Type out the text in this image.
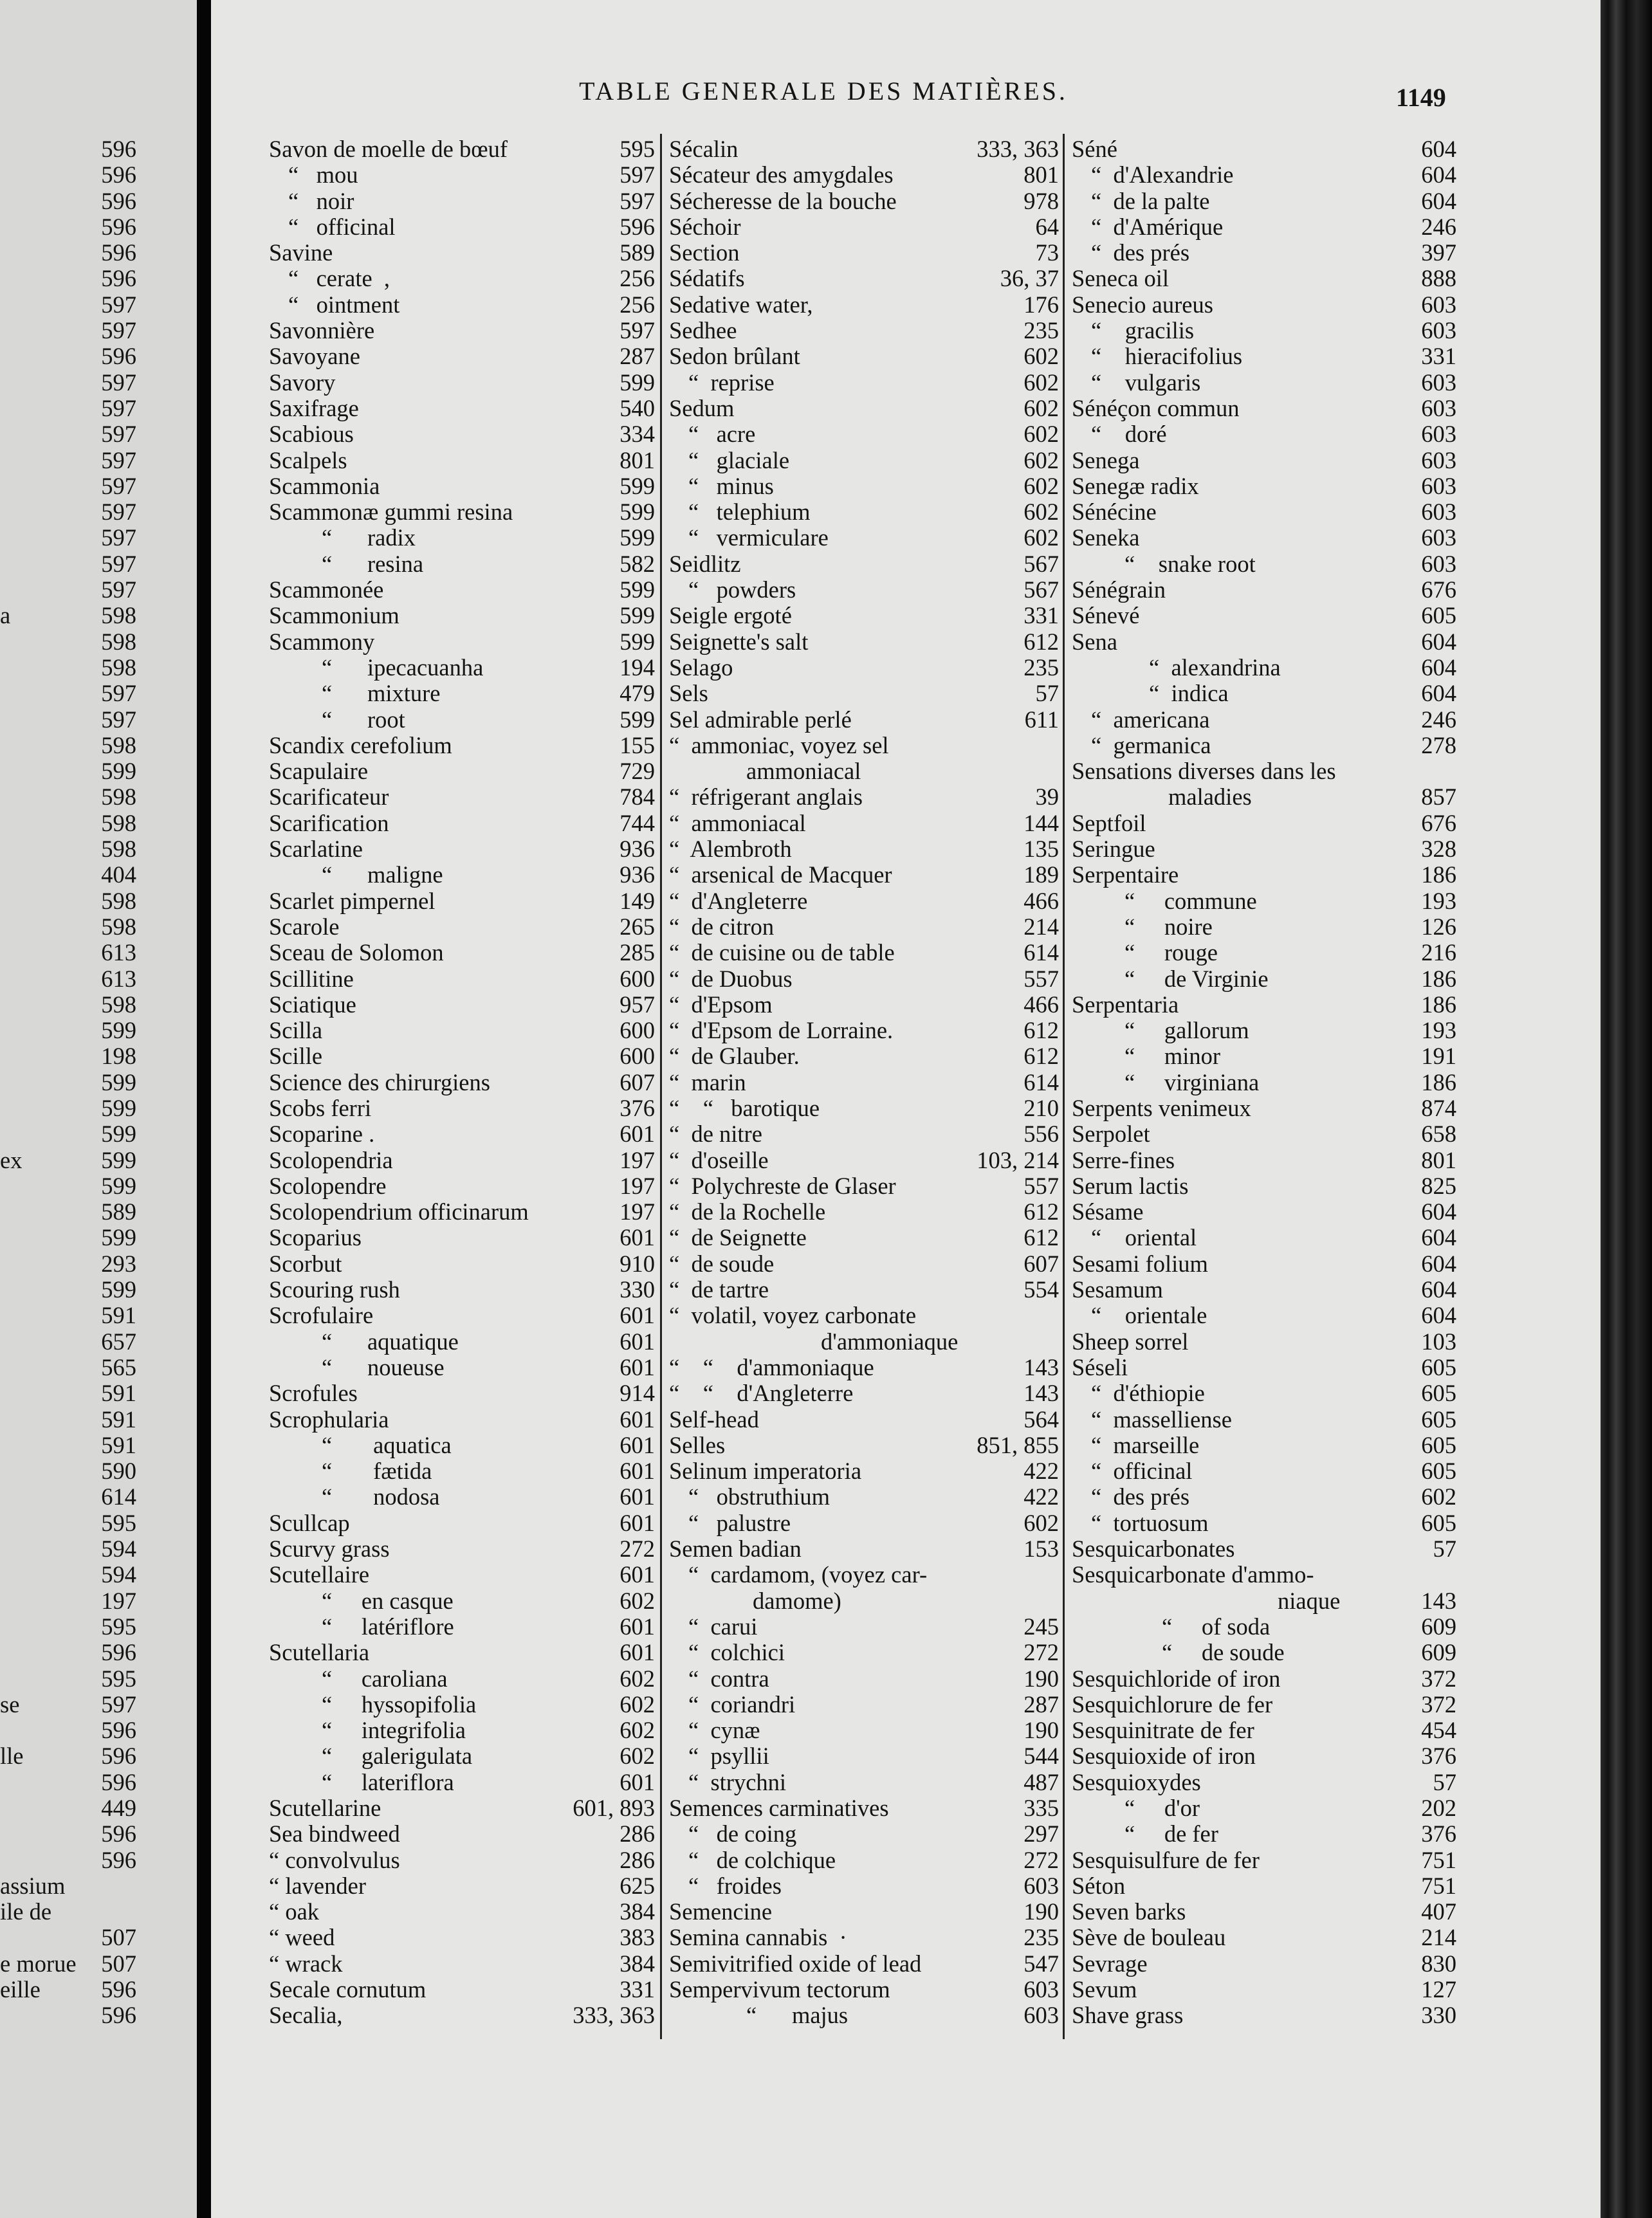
596
596
596
596
596
596
597
597
596
597
597
597
597
597
597
597
597
597
a	598
598
598
597
597
598
599
598
598
598
404
598
598
613
613
598
599
198
599
599
599
ex	599
599
589
599
293
599
591
657
565
591
591
591
590
614
595
594
594
197
595
596
595
se	597
596
lle	596
596
449
596
596
assium
ile de
507
e morue 507
eille	596
596
TABLE GENERALE DES MATIÈRES.	1149
Savon de moelle de bœuf	595
“   mou	597
“   noir	597
“   officinal	596
Savine	589
“   cerate  ,	256
“   ointment	256
Savonnière	597
Savoyane	287
Savory	599
Saxifrage	540
Scabious	334
Scalpels	801
Scammonia	599
Scammonæ gummi resina	599
“      radix	599
“      resina	582
Scammonée	599
Scammonium	599
Scammony	599
“      ipecacuanha	194
“      mixture	479
“      root	599
Scandix cerefolium	155
Scapulaire	729
Scarificateur	784
Scarification	744
Scarlatine	936
“      maligne	936
Scarlet pimpernel	149
Scarole	265
Sceau de Solomon	285
Scillitine	600
Sciatique	957
Scilla	600
Scille	600
Science des chirurgiens	607
Scobs ferri	376
Scoparine .	601
Scolopendria	197
Scolopendre	197
Scolopendrium officinarum	197
Scoparius	601
Scorbut	910
Scouring rush	330
Scrofulaire	601
“      aquatique	601
“      noueuse	601
Scrofules	914
Scrophularia	601
“       aquatica	601
“       fætida	601
“       nodosa	601
Scullcap	601
Scurvy grass	272
Scutellaire	601
“     en casque	602
“     latériflore	601
Scutellaria	601
“     caroliana	602
“     hyssopifolia	602
“     integrifolia	602
“     galerigulata	602
“     lateriflora	601
Scutellarine	601, 893
Sea bindweed	286
“ convolvulus	286
“ lavender	625
“ oak	384
“ weed	383
“ wrack	384
Secale cornutum	331
Secalia,	333, 363
Sécalin	333, 363
Sécateur des amygdales	801
Sécheresse de la bouche	978
Séchoir	64
Section	73
Sédatifs	36, 37
Sedative water,	176
Sedhee	235
Sedon brûlant	602
“  reprise	602
Sedum	602
“   acre	602
“   glaciale	602
“   minus	602
“   telephium	602
“   vermiculare	602
Seidlitz	567
“   powders	567
Seigle ergoté	331
Seignette's salt	612
Selago	235
Sels	57
Sel admirable perlé	611
“  ammoniac, voyez sel
ammoniacal
“  réfrigerant anglais	39
“  ammoniacal	144
“  Alembroth	135
“  arsenical de Macquer	189
“  d'Angleterre	466
“  de citron	214
“  de cuisine ou de table	614
“  de Duobus	557
“  d'Epsom	466
“  d'Epsom de Lorraine.	612
“  de Glauber.	612
“  marin	614
“    “   barotique	210
“  de nitre	556
“  d'oseille	103, 214
“  Polychreste de Glaser	557
“  de la Rochelle	612
“  de Seignette	612
“  de soude	607
“  de tartre	554
“  volatil, voyez carbonate
d'ammoniaque
“    “    d'ammoniaque	143
“    “    d'Angleterre	143
Self-head	564
Selles	851, 855
Selinum imperatoria	422
“   obstruthium	422
“   palustre	602
Semen badian	153
“  cardamom, (voyez car-
damome)
“  carui	245
“  colchici	272
“  contra	190
“  coriandri	287
“  cynæ	190
“  psyllii	544
“  strychni	487
Semences carminatives	335
“   de coing	297
“   de colchique	272
“   froides	603
Semencine	190
Semina cannabis  ·	235
Semivitrified oxide of lead	547
Sempervivum tectorum	603
“      majus	603
Séné	604
“  d'Alexandrie	604
“  de la palte	604
“  d'Amérique	246
“  des prés	397
Seneca oil	888
Senecio aureus	603
“    gracilis	603
“    hieracifolius	331
“    vulgaris	603
Sénéçon commun	603
“    doré	603
Senega	603
Senegæ radix	603
Sénécine	603
Seneka	603
“    snake root	603
Sénégrain	676
Sénevé	605
Sena	604
“  alexandrina	604
“  indica	604
“  americana	246
“  germanica	278
Sensations diverses dans les
maladies	857
Septfoil	676
Seringue	328
Serpentaire	186
“     commune	193
“     noire	126
“     rouge	216
“     de Virginie	186
Serpentaria	186
“     gallorum	193
“     minor	191
“     virginiana	186
Serpents venimeux	874
Serpolet	658
Serre-fines	801
Serum lactis	825
Sésame	604
“    oriental	604
Sesami folium	604
Sesamum	604
“    orientale	604
Sheep sorrel	103
Séseli	605
“  d'éthiopie	605
“  masselliense	605
“  marseille	605
“  officinal	605
“  des prés	602
“  tortuosum	605
Sesquicarbonates	57
Sesquicarbonate d'ammo-
niaque	143
“     of soda	609
“     de soude	609
Sesquichloride of iron	372
Sesquichlorure de fer	372
Sesquinitrate de fer	454
Sesquioxide of iron	376
Sesquioxydes	57
“     d'or	202
“     de fer	376
Sesquisulfure de fer	751
Séton	751
Seven barks	407
Sève de bouleau	214
Sevrage	830
Sevum	127
Shave grass	330
